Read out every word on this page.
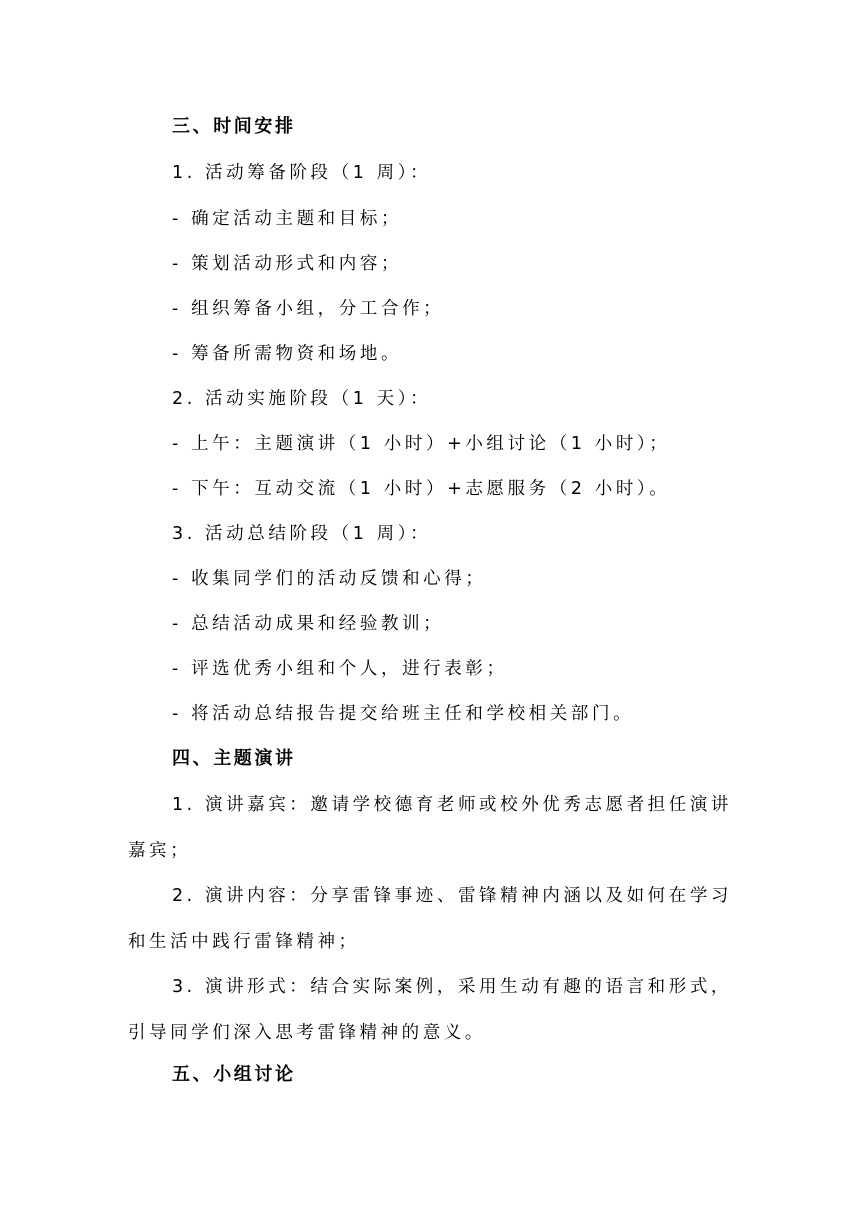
三、时间安排
1. 活动筹备阶段（1 周）：
- 确定活动主题和目标；
- 策划活动形式和内容；
- 组织筹备小组，分工合作；
- 筹备所需物资和场地。
2. 活动实施阶段（1 天）：
- 上午：主题演讲（1 小时）+小组讨论（1 小时）；
- 下午：互动交流（1 小时）+志愿服务（2 小时）。
3. 活动总结阶段（1 周）：
- 收集同学们的活动反馈和心得；
- 总结活动成果和经验教训；
- 评选优秀小组和个人，进行表彰；
- 将活动总结报告提交给班主任和学校相关部门。
四、主题演讲
1. 演讲嘉宾：邀请学校德育老师或校外优秀志愿者担任演讲嘉宾；
2. 演讲内容：分享雷锋事迹、雷锋精神内涵以及如何在学习和生活中践行雷锋精神；
3. 演讲形式：结合实际案例，采用生动有趣的语言和形式，引导同学们深入思考雷锋精神的意义。
五、小组讨论
